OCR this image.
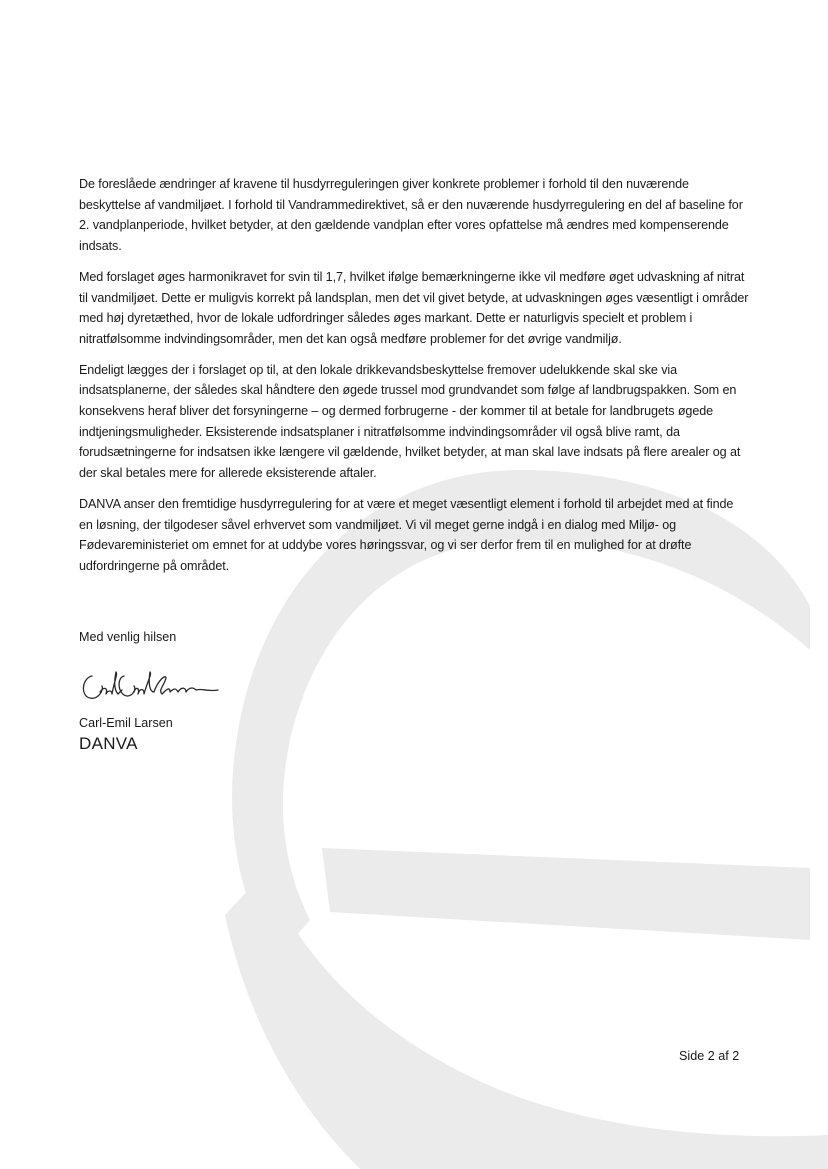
De foreslåede ændringer af kravene til husdyrreguleringen giver konkrete problemer i forhold til den nuværende beskyttelse af vandmiljøet. I forhold til Vandrammedirektivet, så er den nuværende husdyrregulering en del af baseline for 2. vandplanperiode, hvilket betyder, at den gældende vandplan efter vores opfattelse må ændres med kompenserende indsats.

Med forslaget øges harmonikravet for svin til 1,7, hvilket ifølge bemærkningerne ikke vil medføre øget udvaskning af nitrat til vandmiljøet. Dette er muligvis korrekt på landsplan, men det vil givet betyde, at udvaskningen øges væsentligt i områder med høj dyretæthed, hvor de lokale udfordringer således øges markant. Dette er naturligvis specielt et problem i nitratfølsomme indvindingsområder, men det kan også medføre problemer for det øvrige vandmiljø.

Endeligt lægges der i forslaget op til, at den lokale drikkevandsbeskyttelse fremover udelukkende skal ske via indsatsplanerne, der således skal håndtere den øgede trussel mod grundvandet som følge af landbrugspakken. Som en konsekvens heraf bliver det forsyningerne – og dermed forbrugerne - der kommer til at betale for landbrugets øgede indtjeningsmuligheder. Eksisterende indsatsplaner i nitratfølsomme indvindingsområder vil også blive ramt, da forudsætningerne for indsatsen ikke længere vil gældende, hvilket betyder, at man skal lave indsats på flere arealer og at der skal betales mere for allerede eksisterende aftaler.

DANVA anser den fremtidige husdyrregulering for at være et meget væsentligt element i forhold til arbejdet med at finde en løsning, der tilgodeser såvel erhvervet som vandmiljøet. Vi vil meget gerne indgå i en dialog med Miljø- og Fødevareministeriet om emnet for at uddybe vores høringssvar, og vi ser derfor frem til en mulighed for at drøfte udfordringerne på området.

Med venlig hilsen
Carl-Emil Larsen
DANVA
Side 2 af 2
